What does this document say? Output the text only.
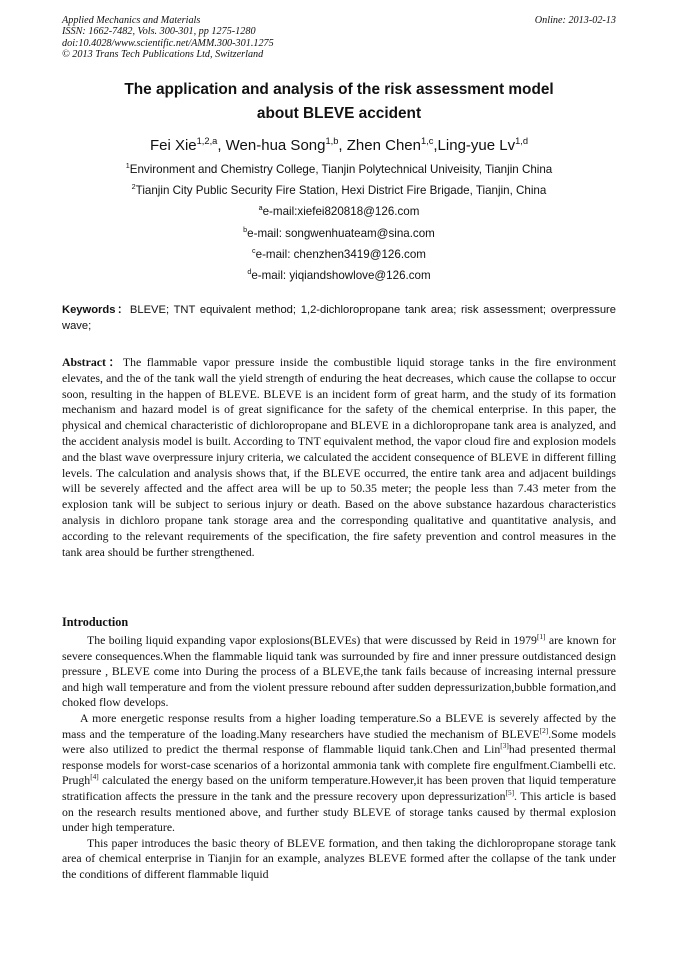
Applied Mechanics and Materials
ISSN: 1662-7482, Vols. 300-301, pp 1275-1280
doi:10.4028/www.scientific.net/AMM.300-301.1275
© 2013 Trans Tech Publications Ltd, Switzerland
Online: 2013-02-13
The application and analysis of the risk assessment model
about BLEVE accident
Fei Xie$^{1,2,a}$, Wen-hua Song$^{1,b}$, Zhen Chen$^{1,c}$,Ling-yue Lv$^{1,d}$
$^1$Environment and Chemistry College, Tianjin Polytechnical Univeisity, Tianjin China
$^2$Tianjin City Public Security Fire Station, Hexi District Fire Brigade, Tianjin, China
$^a$e-mail:xiefei820818@126.com
$^b$e-mail: songwenhuateam@sina.com
$^c$e-mail: chenzhen3419@126.com
$^d$e-mail: yiqiandshowlove@126.com
Keywords：BLEVE; TNT equivalent method; 1,2-dichloropropane tank area; risk assessment; overpressure wave;
Abstract：The flammable vapor pressure inside the combustible liquid storage tanks in the fire environment elevates, and the of the tank wall the yield strength of enduring the heat decreases, which cause the collapse to occur soon, resulting in the happen of BLEVE. BLEVE is an incident form of great harm, and the study of its formation mechanism and hazard model is of great significance for the safety of the chemical enterprise. In this paper, the physical and chemical characteristic of dichloropropane and BLEVE in a dichloropropane tank area is analyzed, and the accident analysis model is built. According to TNT equivalent method, the vapor cloud fire and explosion models and the blast wave overpressure injury criteria, we calculated the accident consequence of BLEVE in different filling levels. The calculation and analysis shows that, if the BLEVE occurred, the entire tank area and adjacent buildings will be severely affected and the affect area will be up to 50.35 meter; the people less than 7.43 meter from the explosion tank will be subject to serious injury or death. Based on the above substance hazardous characteristics analysis in dichloro propane tank storage area and the corresponding qualitative and quantitative analysis, and according to the relevant requirements of the specification, the fire safety prevention and control measures in the tank area should be further strengthened.
Introduction

The boiling liquid expanding vapor explosions(BLEVEs) that were discussed by Reid in 1979[1] are known for severe consequences.When the flammable liquid tank was surrounded by fire and inner pressure outdistanced design pressure , BLEVE come into During the process of a BLEVE,the tank fails because of increasing internal pressure and high wall temperature and from the violent pressure rebound after sudden depressurization,bubble formation,and choked flow develops.

A more energetic response results from a higher loading temperature.So a BLEVE is severely affected by the mass and the temperature of the loading.Many researchers have studied the mechanism of BLEVE[2].Some models were also utilized to predict the thermal response of flammable liquid tank.Chen and Lin[3]had presented thermal response models for worst-case scenarios of a horizontal ammonia tank with complete fire engulfment.Ciambelli etc. Prugh[4] calculated the energy based on the uniform temperature.However,it has been proven that liquid temperature stratification affects the pressure in the tank and the pressure recovery upon depressurization[5]. This article is based on the research results mentioned above, and further study BLEVE of storage tanks caused by thermal explosion under high temperature.

This paper introduces the basic theory of BLEVE formation, and then taking the dichloropropane storage tank area of chemical enterprise in Tianjin for an example, analyzes BLEVE formed after the collapse of the tank under the conditions of different flammable liquid
